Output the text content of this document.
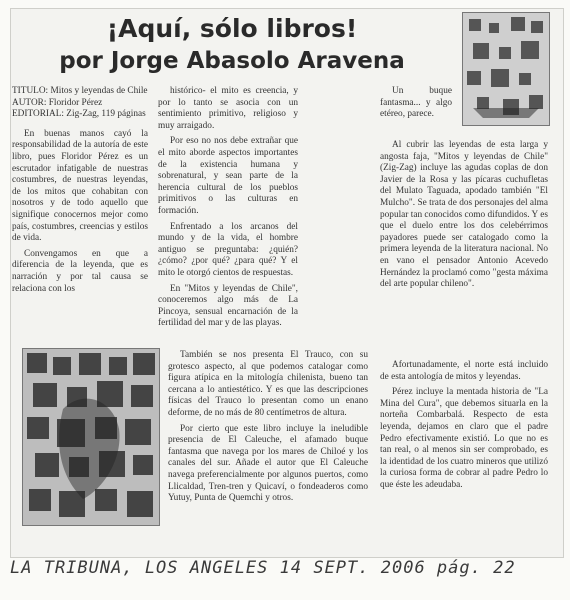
¡Aquí, sólo libros!
por Jorge Abasolo Aravena
TITULO: Mitos y leyendas de Chile
AUTOR: Floridor Pérez
EDITORIAL: Zig-Zag, 119 páginas

En buenas manos cayó la responsabilidad de la autoría de este libro, pues Floridor Pérez es un escrutador infatigable de nuestras costumbres, de nuestras leyendas, de los mitos que cohabitan con nosotros y de todo aquello que signifique conocernos mejor como país, costumbres, creencias y estilos de vida.

Convengamos en que a diferencia de la leyenda, que es narración y por tal causa se relaciona con los

histórico- el mito es creencia, y por lo tanto se asocia con un sentimiento primitivo, religioso y muy arraigado.

Por eso no nos debe extrañar que el mito aborde aspectos importantes de la existencia humana y sobrenatural, y sean parte de la herencia cultural de los pueblos primitivos o las culturas en formación.

Enfrentado a los arcanos del mundo y de la vida, el hombre antiguo se preguntaba: ¿quién? ¿cómo? ¿por qué? ¿para qué? Y el mito le otorgó cientos de respuestas.

En "Mitos y leyendas de Chile", conoceremos algo más de La Pincoya, sensual encarnación de la fertilidad del mar y de las playas.

También se nos presenta El Trauco, con su grotesco aspecto, al que podemos catalogar como figura atípica en la mitología chilenista, bueno tan cercana a lo antiestético. Y es que las descripciones físicas del Trauco lo presentan como un enano deforme, de no más de 80 centímetros de altura.

Por cierto que este libro incluye la ineludible presencia de El Caleuche, el afamado buque fantasma que navega por los mares de Chiloé y los canales del sur. Añade el autor que El Caleuche navega preferencialmente por algunos puertos, como Llicaldad, Tren-tren y Quicaví, o fondeaderos como Yutuy, Punta de Quemchi y otros.

Un buque fantasma... y algo etéreo, parece.

Al cubrir las leyendas de esta larga y angosta faja, "Mitos y leyendas de Chile" (Zig-Zag) incluye las agudas coplas de don Javier de la Rosa y las pícaras cuchufletas del Mulato Taguada, apodado también "El Mulcho". Se trata de dos personajes del alma popular tan conocidos como difundidos. Y es que el duelo entre los dos celebérrimos payadores puede ser catalogado como la primera leyenda de la literatura nacional. No en vano el pensador Antonio Acevedo Hernández la proclamó como "gesta máxima del arte popular chileno".

Afortunadamente, el norte está incluido de esta antología de mitos y leyendas.

Pérez incluye la mentada historia de "La Mina del Cura", que debemos situarla en la norteña Combarbalá. Respecto de esta leyenda, dejamos en claro que el padre Pedro efectivamente existió. Lo que no es tan real, o al menos sin ser comprobado, es la identidad de los cuatro mineros que utilizó la curiosa forma de cobrar al padre Pedro lo que éste les adeudaba.

LA TRIBUNA, LOS ANGELES 14 SEPT. 2006 pág. 22
